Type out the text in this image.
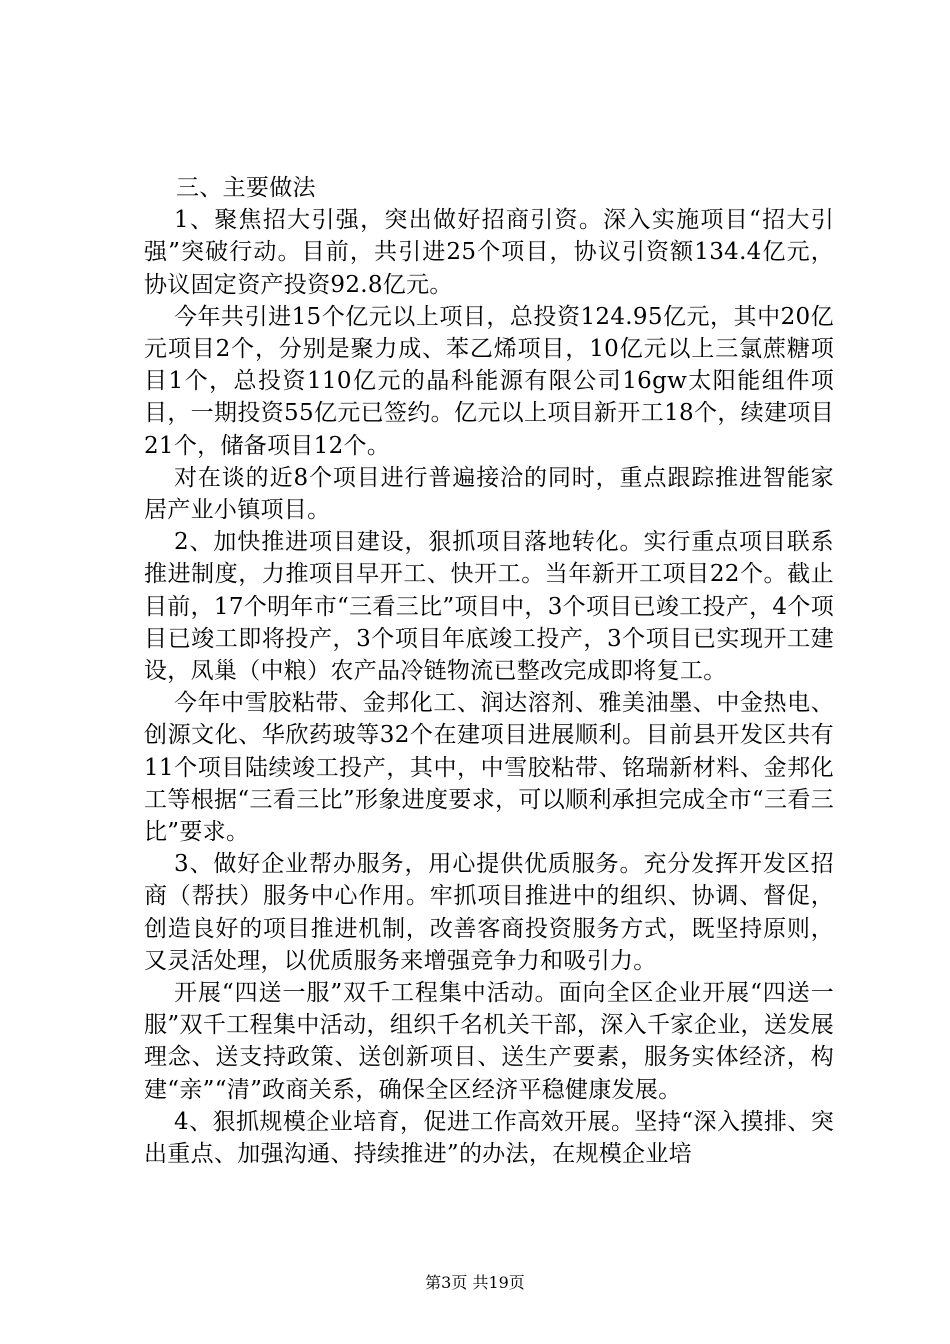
三、主要做法

1、聚焦招大引强，突出做好招商引资。深入实施项目“招大引强”突破行动。目前，共引进25个项目，协议引资额134.4亿元，协议固定资产投资92.8亿元。

今年共引进15个亿元以上项目，总投资124.95亿元，其中20亿元项目2个，分别是聚力成、苯乙烯项目，10亿元以上三氯蔗糖项目1个，总投资110亿元的晶科能源有限公司16gw太阳能组件项目，一期投资55亿元已签约。亿元以上项目新开工18个，续建项目21个，储备项目12个。

对在谈的近8个项目进行普遍接洽的同时，重点跟踪推进智能家居产业小镇项目。

2、加快推进项目建设，狠抓项目落地转化。实行重点项目联系推进制度，力推项目早开工、快开工。当年新开工项目22个。截止目前，17个明年市“三看三比”项目中，3个项目已竣工投产，4个项目已竣工即将投产，3个项目年底竣工投产，3个项目已实现开工建设，凤巢（中粮）农产品冷链物流已整改完成即将复工。

今年中雪胶粘带、金邦化工、润达溶剂、雅美油墨、中金热电、创源文化、华欣药玻等32个在建项目进展顺利。目前县开发区共有11个项目陆续竣工投产，其中，中雪胶粘带、铭瑞新材料、金邦化工等根据“三看三比”形象进度要求，可以顺利承担完成全市“三看三比”要求。

3、做好企业帮办服务，用心提供优质服务。充分发挥开发区招商（帮扶）服务中心作用。牢抓项目推进中的组织、协调、督促，创造良好的项目推进机制，改善客商投资服务方式，既坚持原则，又灵活处理，以优质服务来增强竞争力和吸引力。

开展“四送一服”双千工程集中活动。面向全区企业开展“四送一服”双千工程集中活动，组织千名机关干部，深入千家企业，送发展理念、送支持政策、送创新项目、送生产要素，服务实体经济，构建“亲”“清”政商关系，确保全区经济平稳健康发展。

4、狠抓规模企业培育，促进工作高效开展。坚持“深入摸排、突出重点、加强沟通、持续推进”的办法，在规模企业培

第3页 共19页
